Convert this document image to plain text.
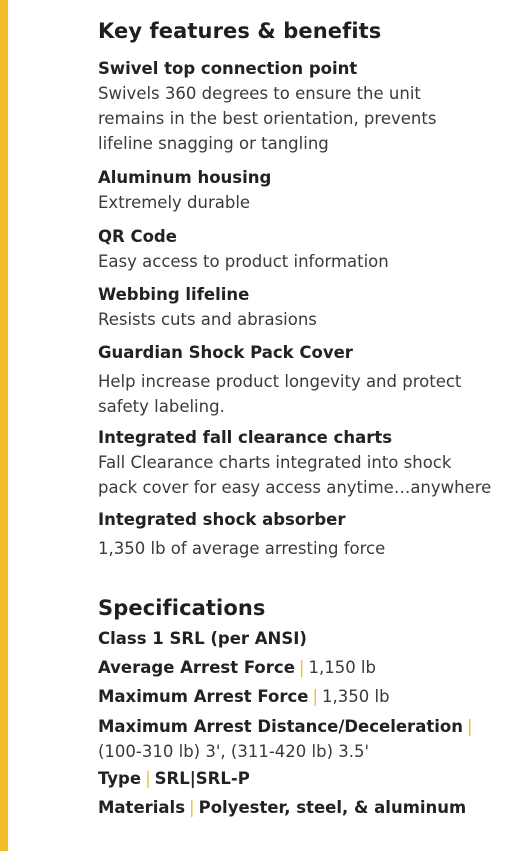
Key features & benefits
Swivel top connection point
Swivels 360 degrees to ensure the unit
remains in the best orientation, prevents
lifeline snagging or tangling
Aluminum housing
Extremely durable
QR Code
Easy access to product information
Webbing lifeline
Resists cuts and abrasions
Guardian Shock Pack Cover
Help increase product longevity and protect
safety labeling.
Integrated fall clearance charts
Fall Clearance charts integrated into shock
pack cover for easy access anytime…anywhere
Integrated shock absorber
1,350 lb of average arresting force
Specifications
Class 1 SRL (per ANSI)
Average Arrest Force | 1,150 lb
Maximum Arrest Force | 1,350 lb
Maximum Arrest Distance/Deceleration |
(100-310 lb) 3', (311-420 lb) 3.5'
Type | SRL|SRL-P
Materials | Polyester, steel, & aluminum
